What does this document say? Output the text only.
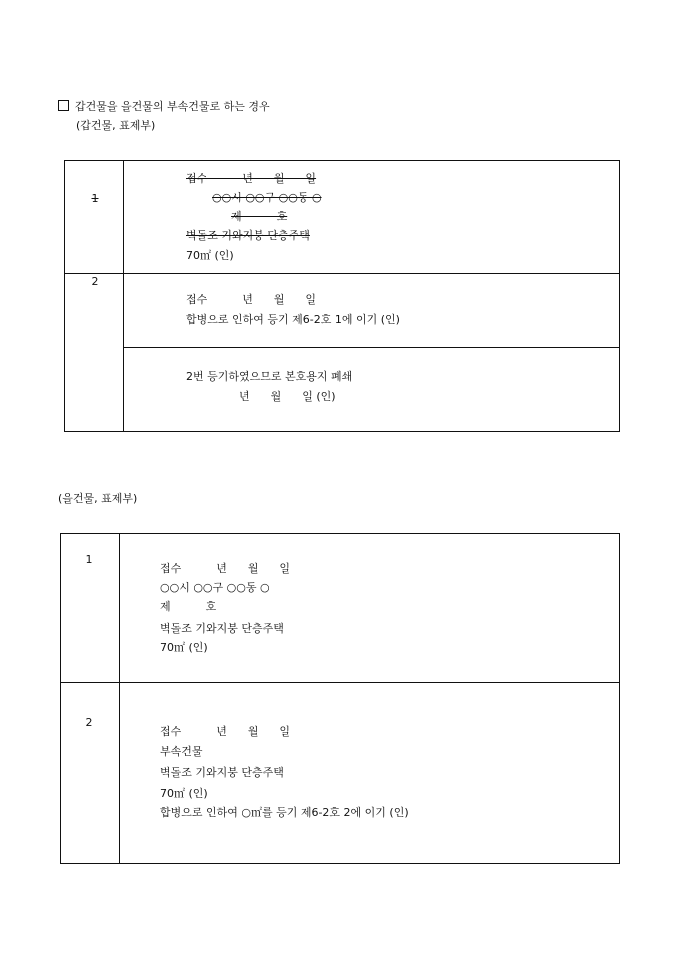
갑건물을 을건물의 부속건물로 하는 경우
(갑건물, 표제부)
1
접수          년      월      일
○○시 ○○구 ○○동 ○
제          호
벽돌조 기와지붕 단층주택
70㎡ (인)
2
접수          년      월      일
합병으로 인하여 등기 제6-2호 1에 이기 (인)
2번 등기하였으므로 본호용지 폐쇄
년      월      일 (인)
(을건물, 표제부)
1
접수          년      월      일
○○시 ○○구 ○○동 ○
제          호
벽돌조 기와지붕 단층주택
70㎡ (인)
2
접수          년      월      일
부속건물
벽돌조 기와지붕 단층주택
70㎡ (인)
합병으로 인하여 ○㎡를 등기 제6-2호 2에 이기 (인)
